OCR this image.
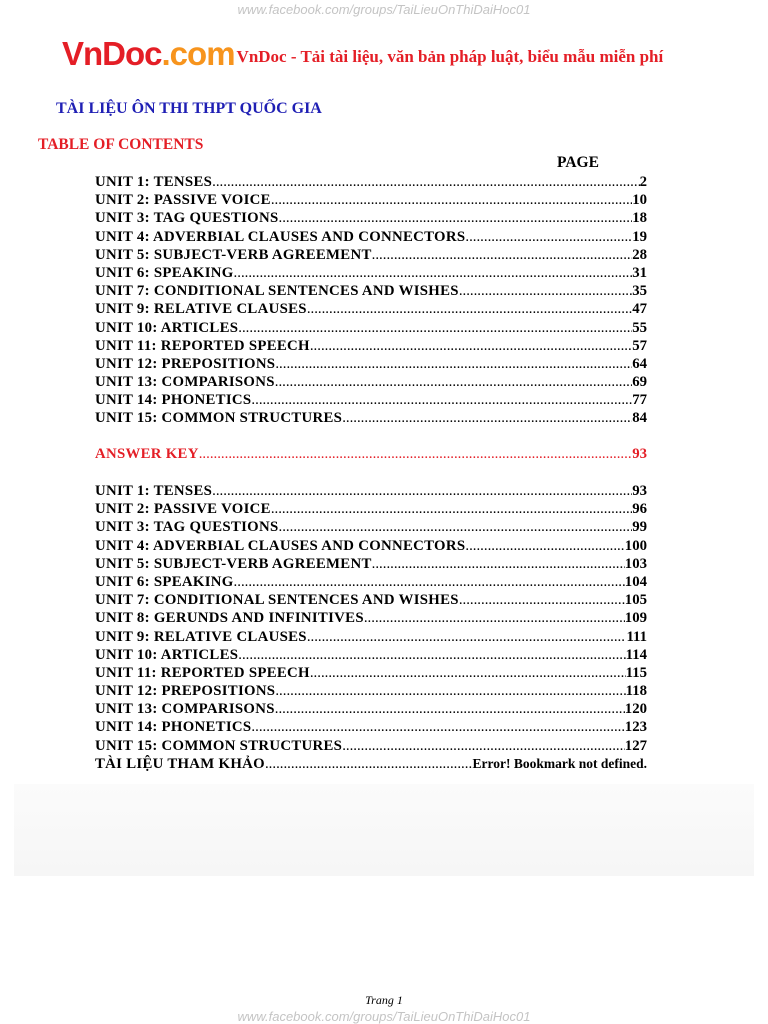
www.facebook.com/groups/TaiLieuOnThiDaiHoc01
VnDoc.com VnDoc - Tải tài liệu, văn bản pháp luật, biểu mẫu miễn phí
TÀI LIỆU ÔN THI THPT QUỐC GIA
TABLE OF CONTENTS
PAGE
UNIT 1: TENSES .....	2
UNIT 2: PASSIVE VOICE .....	10
UNIT 3: TAG QUESTIONS .....	18
UNIT 4: ADVERBIAL CLAUSES AND CONNECTORS .....	19
UNIT 5: SUBJECT-VERB AGREEMENT .....	28
UNIT 6: SPEAKING .....	31
UNIT 7: CONDITIONAL SENTENCES AND WISHES .....	35
UNIT 9: RELATIVE CLAUSES .....	47
UNIT 10: ARTICLES .....	55
UNIT 11: REPORTED SPEECH .....	57
UNIT 12: PREPOSITIONS .....	64
UNIT 13: COMPARISONS .....	69
UNIT 14: PHONETICS .....	77
UNIT 15: COMMON STRUCTURES .....	84
ANSWER KEY .....	93
UNIT 1: TENSES .....	93
UNIT 2: PASSIVE VOICE .....	96
UNIT 3: TAG QUESTIONS .....	99
UNIT 4: ADVERBIAL CLAUSES AND CONNECTORS .....	100
UNIT 5: SUBJECT-VERB AGREEMENT .....	103
UNIT 6: SPEAKING .....	104
UNIT 7: CONDITIONAL SENTENCES AND WISHES .....	105
UNIT 8: GERUNDS AND INFINITIVES .....	109
UNIT 9: RELATIVE CLAUSES .....	111
UNIT 10: ARTICLES .....	114
UNIT 11: REPORTED SPEECH .....	115
UNIT 12: PREPOSITIONS .....	118
UNIT 13: COMPARISONS .....	120
UNIT 14: PHONETICS .....	123
UNIT 15: COMMON STRUCTURES .....	127
TÀI LIỆU THAM KHẢO .....	Error! Bookmark not defined.
Trang 1
www.facebook.com/groups/TaiLieuOnThiDaiHoc01
